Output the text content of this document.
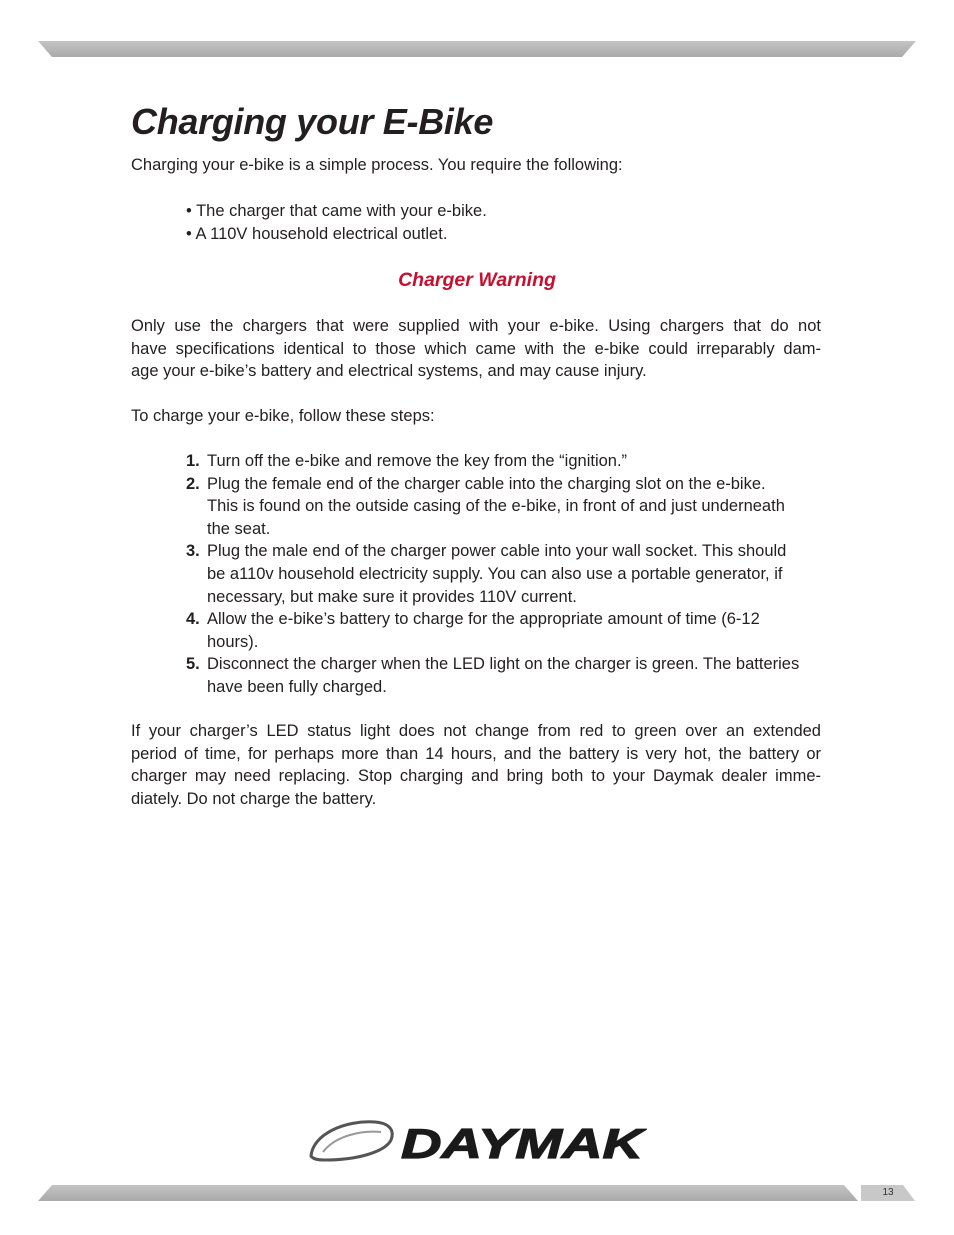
Charging your E-Bike

Charging your e-bike is a simple process. You require the following:

• The charger that came with your e-bike.
• A 110V household electrical outlet.
Charger Warning

Only use the chargers that were supplied with your e-bike. Using chargers that do not
have specifications identical to those which came with the e-bike could irreparably dam-
age your e-bike’s battery and electrical systems, and may cause injury.

To charge your e-bike, follow these steps:

1. Turn off the e-bike and remove the key from the “ignition.”
2. Plug the female end of the charger cable into the charging slot on the e-bike.
This is found on the outside casing of the e-bike, in front of and just underneath
the seat.
3. Plug the male end of the charger power cable into your wall socket. This should
be a110v household electricity supply. You can also use a portable generator, if
necessary, but make sure it provides 110V current.
4. Allow the e-bike’s battery to charge for the appropriate amount of time (6-12
hours).
5. Disconnect the charger when the LED light on the charger is green. The batteries
have been fully charged.

If your charger’s LED status light does not change from red to green over an extended
period of time, for perhaps more than 14 hours, and the battery is very hot, the battery or
charger may need replacing. Stop charging and bring both to your Daymak dealer imme-
diately. Do not charge the battery.

DAYMAK
13
